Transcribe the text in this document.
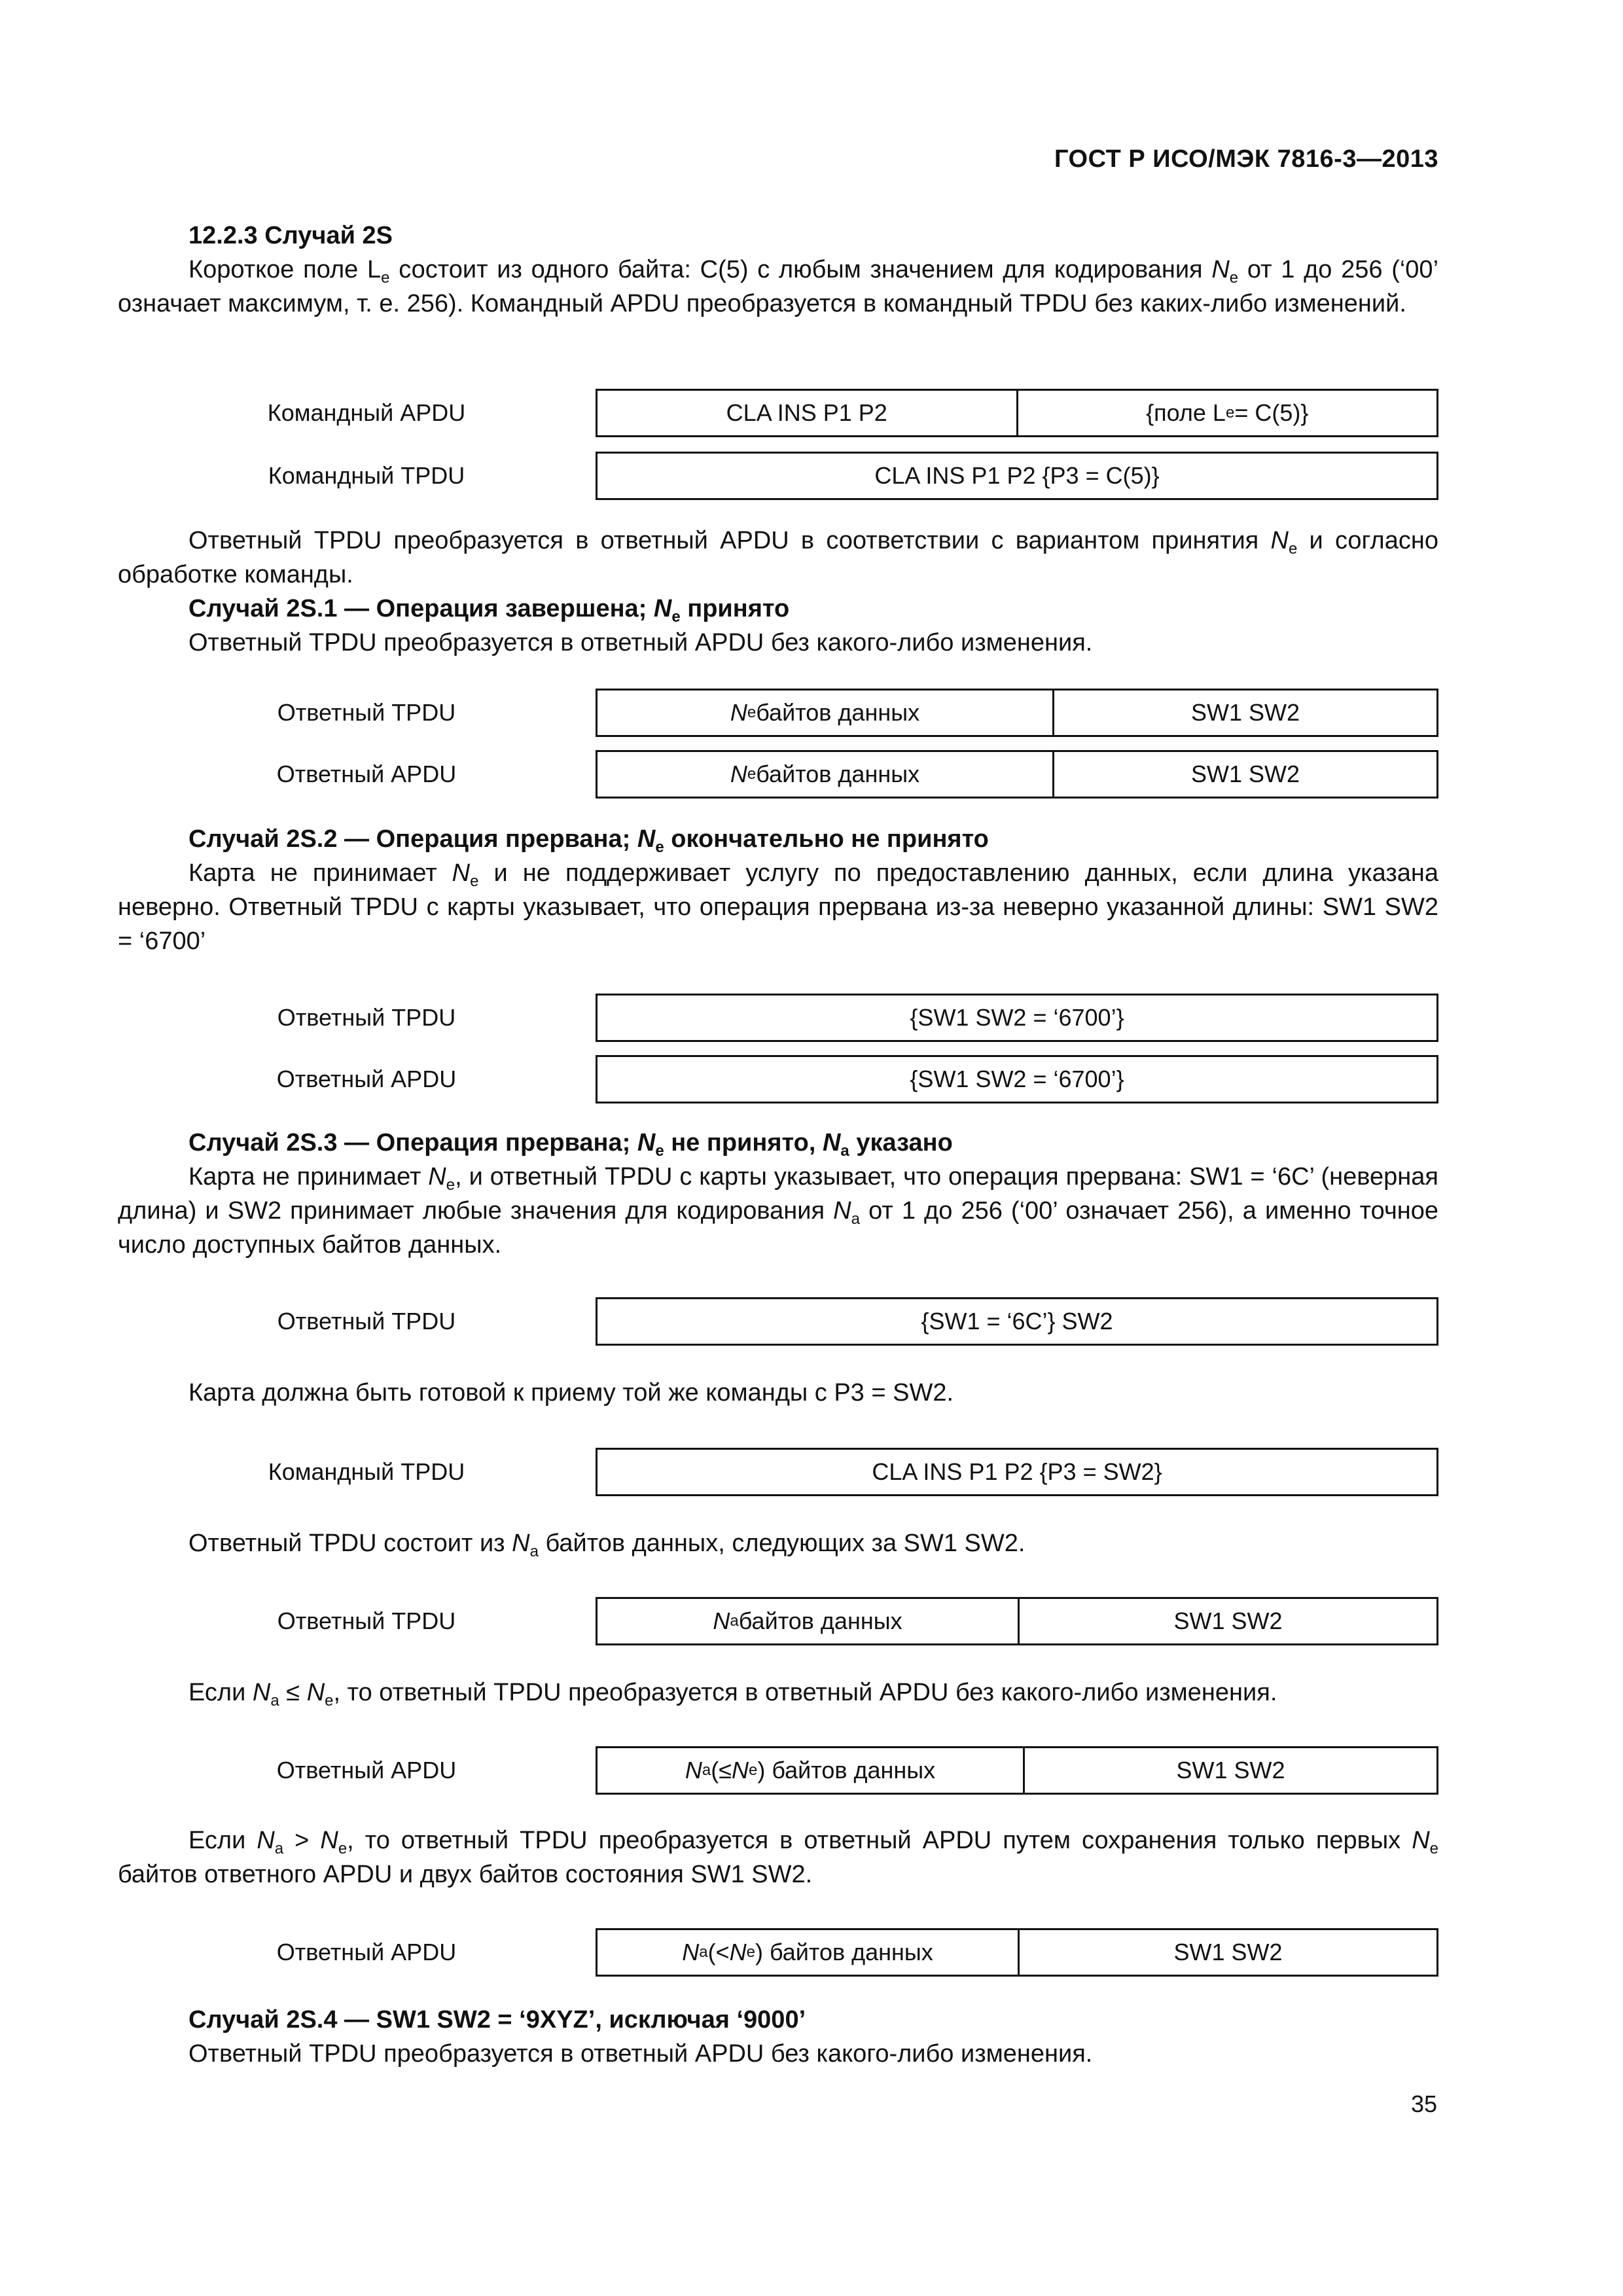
ГОСТ Р ИСО/МЭК 7816-3—2013

12.2.3 Случай 2S

Короткое поле $L_e$ состоит из одного байта: C(5) с любым значением для кодирования $N_e$ от 1 до 256 (‘00’ означает максимум, т. е. 256). Командный APDU преобразуется в командный TPDU без каких-либо изменений.

Командный APDU	CLA INS P1 P2	{поле L e = C(5)}
Командный TPDU	CLA INS P1 P2 {P3 = C(5)}

Ответный TPDU преобразуется в ответный APDU в соответствии с вариантом принятия $N_e$ и согласно обработке команды.

Случай 2S.1 — Операция завершена; $N_e$ принято

Ответный TPDU преобразуется в ответный APDU без какого-либо изменения.

Ответный TPDU	N e байтов данных	SW1 SW2
Ответный APDU	N e байтов данных	SW1 SW2

Случай 2S.2 — Операция прервана; $N_e$ окончательно не принято

Карта не принимает $N_e$ и не поддерживает услугу по предоставлению данных, если длина указана неверно. Ответный TPDU с карты указывает, что операция прервана из-за неверно указанной длины: SW1 SW2 = ‘6700’

Ответный TPDU	{SW1 SW2 = ‘6700’}
Ответный APDU	{SW1 SW2 = ‘6700’}

Случай 2S.3 — Операция прервана; $N_e$ не принято, $N_a$ указано

Карта не принимает $N_e$, и ответный TPDU с карты указывает, что операция прервана: SW1 = ‘6C’ (неверная длина) и SW2 принимает любые значения для кодирования $N_a$ от 1 до 256 (‘00’ означает 256), а именно точное число доступных байтов данных.

Ответный TPDU	{SW1 = ‘6C’} SW2

Карта должна быть готовой к приему той же команды с P3 = SW2.

Командный TPDU	CLA INS P1 P2 {P3 = SW2}

Ответный TPDU состоит из $N_a$ байтов данных, следующих за SW1 SW2.

Ответный TPDU	N a байтов данных	SW1 SW2

Если $N_a \le N_e$, то ответный TPDU преобразуется в ответный APDU без какого-либо изменения.

Ответный APDU	N a (≤ N e ) байтов данных	SW1 SW2

Если $N_a > N_e$, то ответный TPDU преобразуется в ответный APDU путем сохранения только первых $N_e$ байтов ответного APDU и двух байтов состояния SW1 SW2.

Ответный APDU	N a (< N e ) байтов данных	SW1 SW2

Случай 2S.4 — SW1 SW2 = ‘9XYZ’, исключая ‘9000’

Ответный TPDU преобразуется в ответный APDU без какого-либо изменения.

35
